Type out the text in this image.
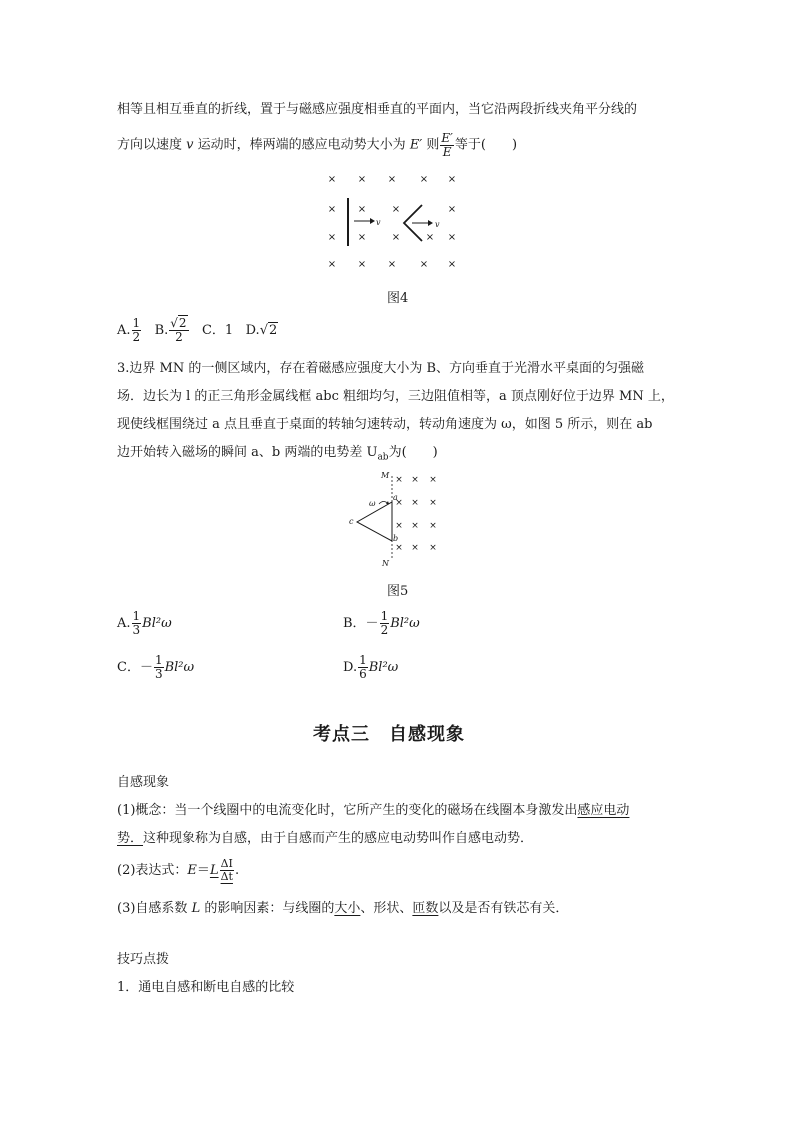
相等且相互垂直的折线，置于与磁感应强度相垂直的平面内，当它沿两段折线夹角平分线的
方向以速度 v 运动时，棒两端的感应电动势大小为 E′ 则 $\frac{E'}{E}$ 等于(　　)
× × × × ×
× ×	×	×
× ×	×	× ×
× × × × ×
v	v
图4
A. $\frac{1}{2} B$. $\frac{√2}{2}$ C．1 D.√2
3.边界 MN 的一侧区域内，存在着磁感应强度大小为 B、方向垂直于光滑水平桌面的匀强磁
场．边长为 l 的正三角形金属线框 abc 粗细均匀，三边阻值相等，a 顶点刚好位于边界 MN 上，
现使线框围绕过 a 点且垂直于桌面的转轴匀速转动，转动角速度为 ω，如图 5 所示，则在 ab
边开始转入磁场的瞬间 a、b 两端的电势差 $U_{ab}$为(　　)
M
N
× × ×
× × ×
× × ×
× × ×
a
b
c
ω
图5
A. $\frac{1}{3} Bl^2\omega$	B．－ $\frac{1}{2} Bl^2\omega$
C．－ $\frac{1}{3} Bl^2\omega$	D. $\frac{1}{6} Bl^2\omega$
考点三　自感现象
自感现象
(1)概念：当一个线圈中的电流变化时，它所产生的变化的磁场在线圈本身激发出感应电动
势．这种现象称为自感，由于自感而产生的感应电动势叫作自感电动势．
(2)表达式：$E=L \frac{\Delta I}{\Delta t}$ .
(3)自感系数 L 的影响因素：与线圈的大小、形状、匝数以及是否有铁芯有关．
技巧点拨
1．通电自感和断电自感的比较
